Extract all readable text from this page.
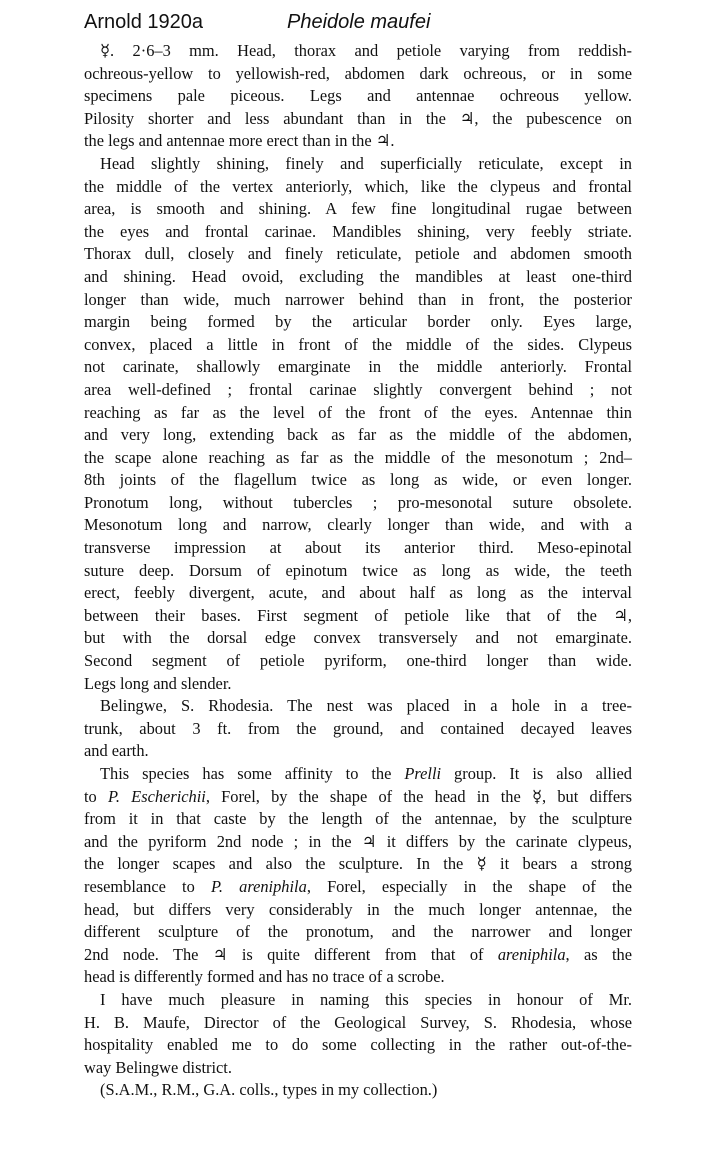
Arnold 1920a	Pheidole maufei
☿. 2·6–3 mm. Head, thorax and petiole varying from reddish-
ochreous-yellow to yellowish-red, abdomen dark ochreous, or in some
specimens pale piceous. Legs and antennae ochreous yellow.
Pilosity shorter and less abundant than in the ♃, the pubescence on
the legs and antennae more erect than in the ♃.
Head slightly shining, finely and superficially reticulate, except in
the middle of the vertex anteriorly, which, like the clypeus and frontal
area, is smooth and shining. A few fine longitudinal rugae between
the eyes and frontal carinae. Mandibles shining, very feebly striate.
Thorax dull, closely and finely reticulate, petiole and abdomen smooth
and shining. Head ovoid, excluding the mandibles at least one-third
longer than wide, much narrower behind than in front, the posterior
margin being formed by the articular border only. Eyes large,
convex, placed a little in front of the middle of the sides. Clypeus
not carinate, shallowly emarginate in the middle anteriorly. Frontal
area well-defined ; frontal carinae slightly convergent behind ; not
reaching as far as the level of the front of the eyes. Antennae thin
and very long, extending back as far as the middle of the abdomen,
the scape alone reaching as far as the middle of the mesonotum ; 2nd–
8th joints of the flagellum twice as long as wide, or even longer.
Pronotum long, without tubercles ; pro-mesonotal suture obsolete.
Mesonotum long and narrow, clearly longer than wide, and with a
transverse impression at about its anterior third. Meso-epinotal
suture deep. Dorsum of epinotum twice as long as wide, the teeth
erect, feebly divergent, acute, and about half as long as the interval
between their bases. First segment of petiole like that of the ♃,
but with the dorsal edge convex transversely and not emarginate.
Second segment of petiole pyriform, one-third longer than wide.
Legs long and slender.
Belingwe, S. Rhodesia. The nest was placed in a hole in a tree-
trunk, about 3 ft. from the ground, and contained decayed leaves
and earth.
This species has some affinity to the Prelli group. It is also allied
to P. Escherichii, Forel, by the shape of the head in the ☿, but differs
from it in that caste by the length of the antennae, by the sculpture
and the pyriform 2nd node ; in the ♃ it differs by the carinate clypeus,
the longer scapes and also the sculpture. In the ☿ it bears a strong
resemblance to P. areniphila, Forel, especially in the shape of the
head, but differs very considerably in the much longer antennae, the
different sculpture of the pronotum, and the narrower and longer
2nd node. The ♃ is quite different from that of areniphila, as the
head is differently formed and has no trace of a scrobe.
I have much pleasure in naming this species in honour of Mr.
H. B. Maufe, Director of the Geological Survey, S. Rhodesia, whose
hospitality enabled me to do some collecting in the rather out-of-the-
way Belingwe district.
(S.A.M., R.M., G.A. colls., types in my collection.)
